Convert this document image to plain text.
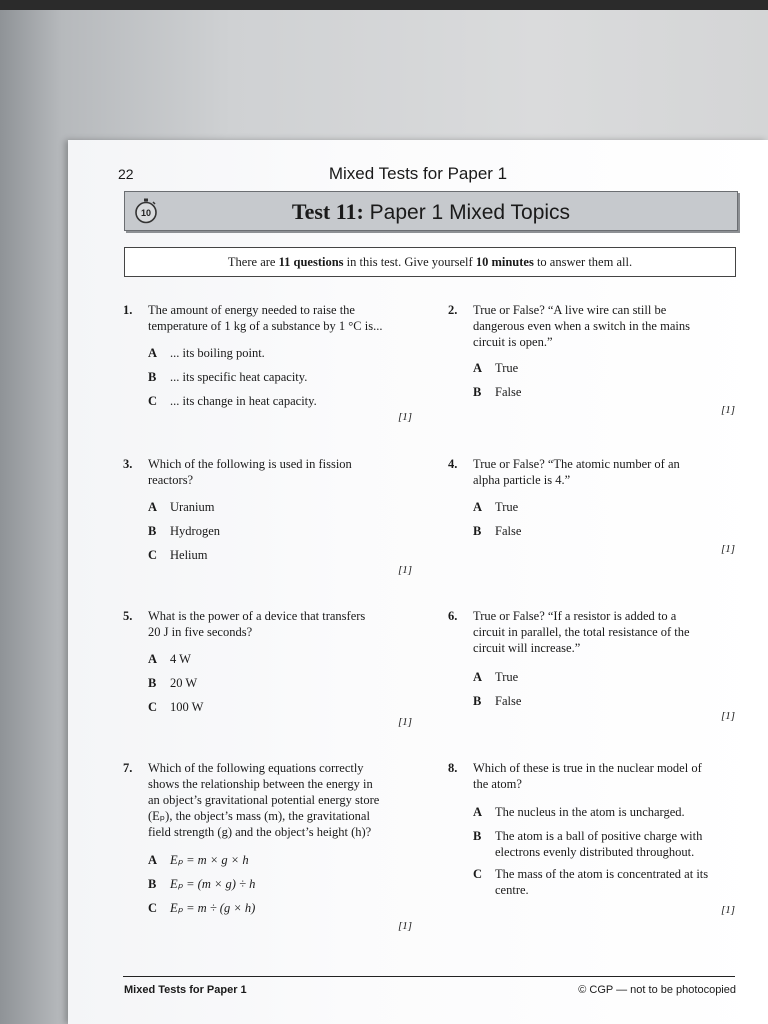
22	Mixed Tests for Paper 1
10	Test 11: Paper 1 Mixed Topics
There are 11 questions in this test. Give yourself 10 minutes to answer them all.
1. The amount of energy needed to raise the
temperature of 1 kg of a substance by 1 °C is...
A	... its boiling point.
B	... its specific heat capacity.
C	... its change in heat capacity.
[1]
2. True or False? “A live wire can still be
dangerous even when a switch in the mains
circuit is open.”
A	True
B	False
[1]
3. Which of the following is used in fission
reactors?
A	Uranium
B	Hydrogen
C	Helium
[1]
4. True or False? “The atomic number of an
alpha particle is 4.”
A	True
B	False
[1]
5. What is the power of a device that transfers
20 J in five seconds?
A	4 W
B	20 W
C	100 W
[1]
6. True or False? “If a resistor is added to a
circuit in parallel, the total resistance of the
circuit will increase.”
A	True
B	False
[1]
7. Which of the following equations correctly
shows the relationship between the energy in
an object’s gravitational potential energy store
(Eₚ), the object’s mass (m), the gravitational
field strength (g) and the object’s height (h)?
A	Eₚ = m × g × h
B	Eₚ = (m × g) ÷ h
C	Eₚ = m ÷ (g × h)
[1]
8. Which of these is true in the nuclear model of
the atom?
A	The nucleus in the atom is uncharged.
B	The atom is a ball of positive charge with electrons evenly distributed throughout.
C	The mass of the atom is concentrated at its centre.
[1]
Mixed Tests for Paper 1	© CGP — not to be photocopied
